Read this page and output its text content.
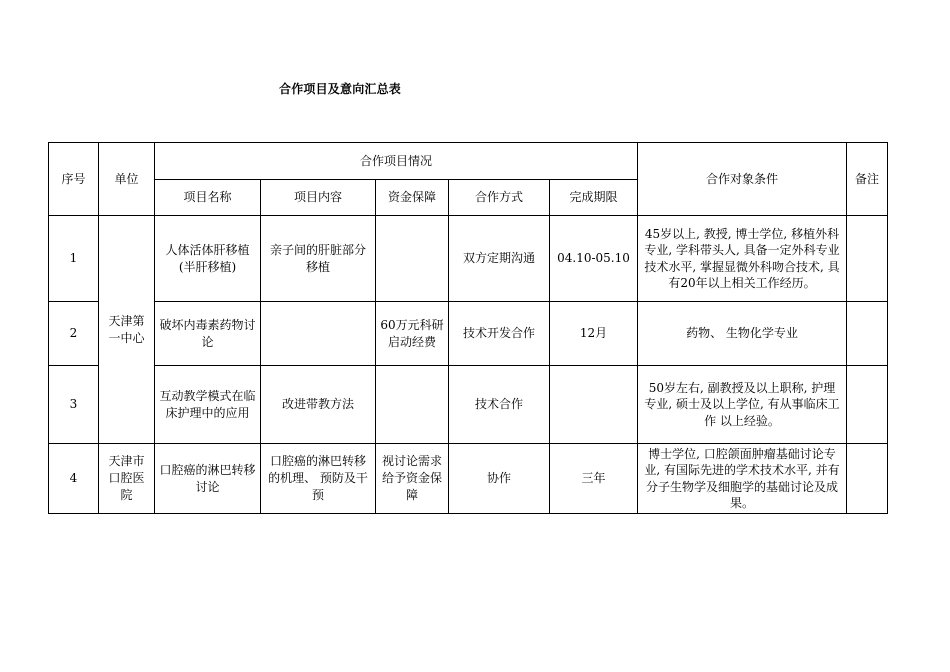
合作项目及意向汇总表
序号	单位	合作项目情况					合作对象条件	备注
		项目名称	项目内容	资金保障	合作方式	完成期限		
1	天津第一中心	人体活体肝移植(半肝移植)	亲子间的肝脏部分移植		双方定期沟通	04.10-05.10	45岁以上, 教授, 博士学位, 移植外科专业, 学科带头人, 具备一定外科专业技术水平, 掌握显微外科吻合技术, 具有20年以上相关工作经历。	
2		破坏内毒素药物讨论		60万元科研启动经费	技术开发合作	12月	药物、 生物化学专业	
3		互动教学模式在临床护理中的应用	改进带教方法		技术合作		50岁左右, 副教授及以上职称, 护理专业, 硕士及以上学位, 有从事临床工作 以上经验。	
4	天津市口腔医院	口腔癌的淋巴转移讨论	口腔癌的淋巴转移的机理、 预防及干预	视讨论需求给予资金保障	协作	三年	博士学位, 口腔颌面肿瘤基础讨论专业, 有国际先进的学术技术水平, 并有分子生物学及细胞学的基础讨论及成果。	
